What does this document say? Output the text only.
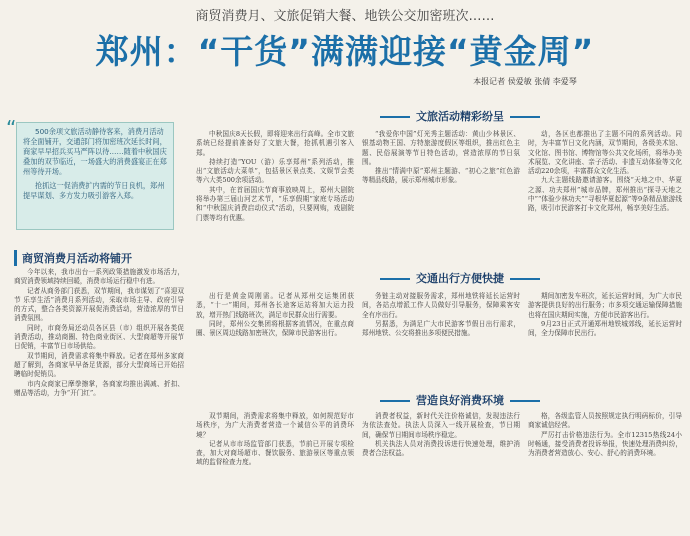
商贸消费月、文旅促销大餐、地铁公交加密班次……
郑州：“干货”满满迎接“黄金周”
本报记者 侯爱敏 张倩 李爱琴
“	500余项文旅活动静待客来，消费月活动将全面铺开，交通部门将加密班次延长时间，商家早早招兵买马严阵以待……随着中秋国庆叠加的双节临近，一场盛大的消费盛宴正在郑州等待开场。

抢抓这一促消费扩内需的节日良机，郑州提早谋划、多方发力吸引游客入郑。

商贸消费月活动将铺开

今年以来，我市出台一系列政策措施激发市场活力，商贸消费领域持续回暖，消费市场运行稳中有进。

记者从商务部门获悉，双节期间，我市谋划了“喜迎双节 乐享生活”消费月系列活动，采取市场主导、政府引导的方式，整合各类资源开展促消费活动，营造浓厚的节日消费氛围。

同时，市商务局还动员各区县（市）组织开展各类促消费活动，推动商圈、特色商业街区、大型商超等开展节日促销，丰富节日市场供给。

双节期间，消费需求将集中释放。记者在郑州多家商超了解到，各商家早早备足货源，部分大型商场已开始招聘临时促销员。

市内众商家已摩拳擦掌，各商家均推出满减、折扣、赠品等活动，力争“开门红”。

文旅活动精彩纷呈

中秋国庆8天长假，即将迎来出行高峰。全市文旅系统已经提前准备好了文旅大餐，抢抓机遇引客入郑。

持续打造“YOU（游）乐享郑州”系列活动，推出“文旅活动大菜单”，包括景区景点类、文娱节会类等六大类500余项活动。

其中，在首届国庆节商事放映周上，郑州大剧院将举办第三届山河艺术节，“乐享假期”家庭专场活动和“中秋国庆消费启动仪式”活动，只要网购，戏剧院门票等均有优惠。

“我爱你中国”灯光秀主题活动：黄山少林景区、银基动物王国、方特旅游度假区等组织，推出红色主题、民俗展演等节日特色活动，营造浓厚的节日氛围。

推出“情满中原”郑州主题游、“初心之旅”红色游等精品线路，展示郑州城市形象。

动，各区也都推出了主题不同的系列活动。同时，为丰富节日文化内涵，双节期间，各级美术馆、文化馆、图书馆、博物馆等公共文化场所，将举办美术展览、文化讲座、亲子活动、非遗互动体验等文化活动220余项，丰富群众文化生活。

九大主题线路邀请游客。围绕“天地之中、华夏之源、功夫郑州”城市品牌，郑州推出“探寻天地之中”“体验少林功夫”“寻根华夏起源”等9条精品旅游线路，吸引市民游客打卡文化郑州，畅享美好生活。

交通出行方便快捷

出行是黄金周刚需。记者从郑州交运集团获悉，“十一”期间，郑州各长途客运站将加大运力投放，增开热门线路班次，满足市民群众出行需要。

同时，郑州公交集团将根据客流情况，在重点商圈、景区周边线路加密班次，保障市民游客出行。

务链主动对接服务需求，郑州地铁将延长运营时间，各站点增派工作人员做好引导服务，保障乘客安全有序出行。

另据悉，为满足广大市民游客节假日出行需求，郑州地铁、公交将推出多项便民措施。

期间加密发车班次，延长运营时间，为广大市民游客提供良好的出行服务；市多项交通运输保障措施也将在国庆期间实施，方便市民游客出行。

9月23日正式开通郑州地铁城郊线，延长运营时间，全力保障市民出行。

营造良好消费环境

双节期间，消费需求将集中释放，如何规范好市场秩序，为广大消费者营造一个诚信公平的消费环境？

记者从市市场监管部门获悉，节前已开展专项检查，加大对商场超市、餐饮服务、旅游景区等重点领域的监督检查力度。

消费者权益，新时代关注价格诚信，发现违法行为依法查处。执法人员深入一线开展检查，节日期间，确保节日期间市场秩序稳定。

机关执法人员对消费投诉进行快速处理，维护消费者合法权益。

格，各级监管人员按照规定执行明码标价，引导商家诚信经营。

严厉打击价格违法行为。全市12315热线24小时畅通，接受消费者投诉举报，快速处理消费纠纷，为消费者营造放心、安心、舒心的消费环境。
